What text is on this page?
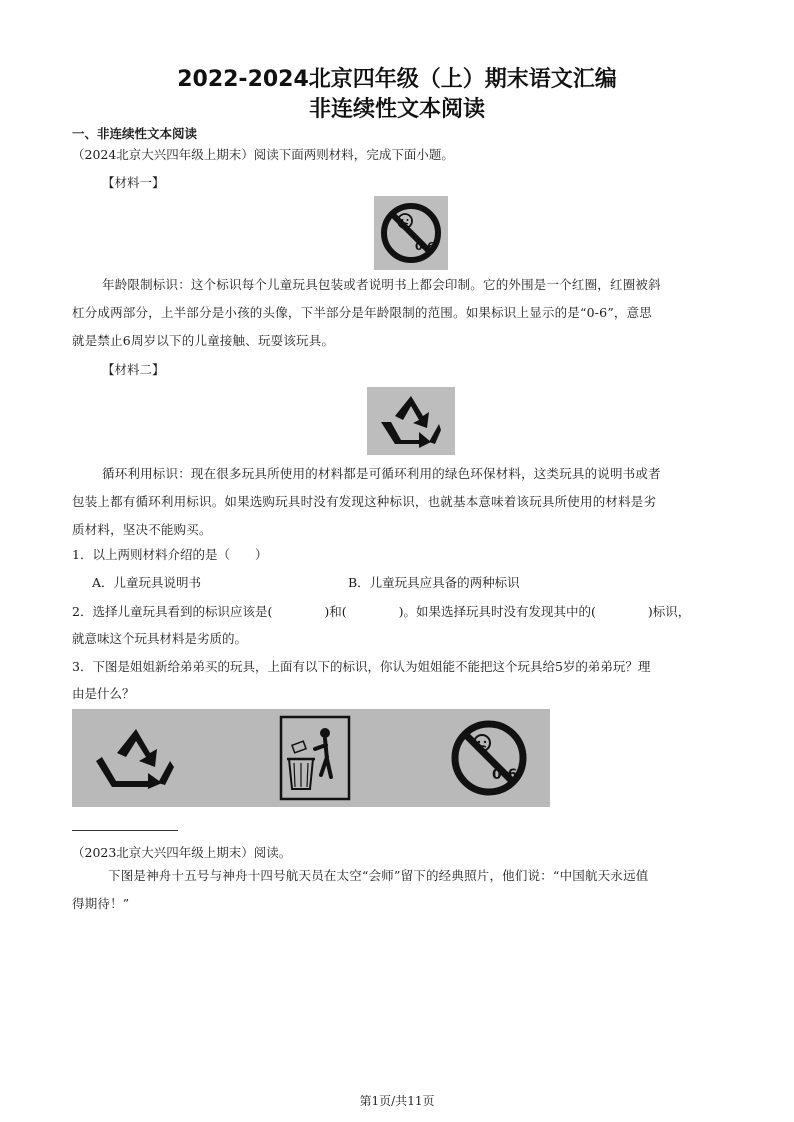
2022-2024北京四年级（上）期末语文汇编
非连续性文本阅读
一、非连续性文本阅读
（2024北京大兴四年级上期末）阅读下面两则材料，完成下面小题。
【材料一】
0-6
年龄限制标识：这个标识每个儿童玩具包装或者说明书上都会印制。它的外围是一个红圈，红圈被斜
杠分成两部分，上半部分是小孩的头像，下半部分是年龄限制的范围。如果标识上显示的是“0-6”，意思
就是禁止6周岁以下的儿童接触、玩耍该玩具。
【材料二】
循环利用标识：现在很多玩具所使用的材料都是可循环利用的绿色环保材料，这类玩具的说明书或者
包装上都有循环利用标识。如果选购玩具时没有发现这种标识，也就基本意味着该玩具所使用的材料是劣
质材料，坚决不能购买。
1．以上两则材料介绍的是（　　）
A．儿童玩具说明书	B．儿童玩具应具备的两种标识
2．选择儿童玩具看到的标识应该是(	)和(	)。如果选择玩具时没有发现其中的(	)标识，
就意味这个玩具材料是劣质的。
3．下图是姐姐新给弟弟买的玩具，上面有以下的标识，你认为姐姐能不能把这个玩具给5岁的弟弟玩？理
由是什么？
0-6
（2023北京大兴四年级上期末）阅读。
下图是神舟十五号与神舟十四号航天员在太空“会师”留下的经典照片，他们说：“中国航天永远值
得期待！”
第1页/共11页
